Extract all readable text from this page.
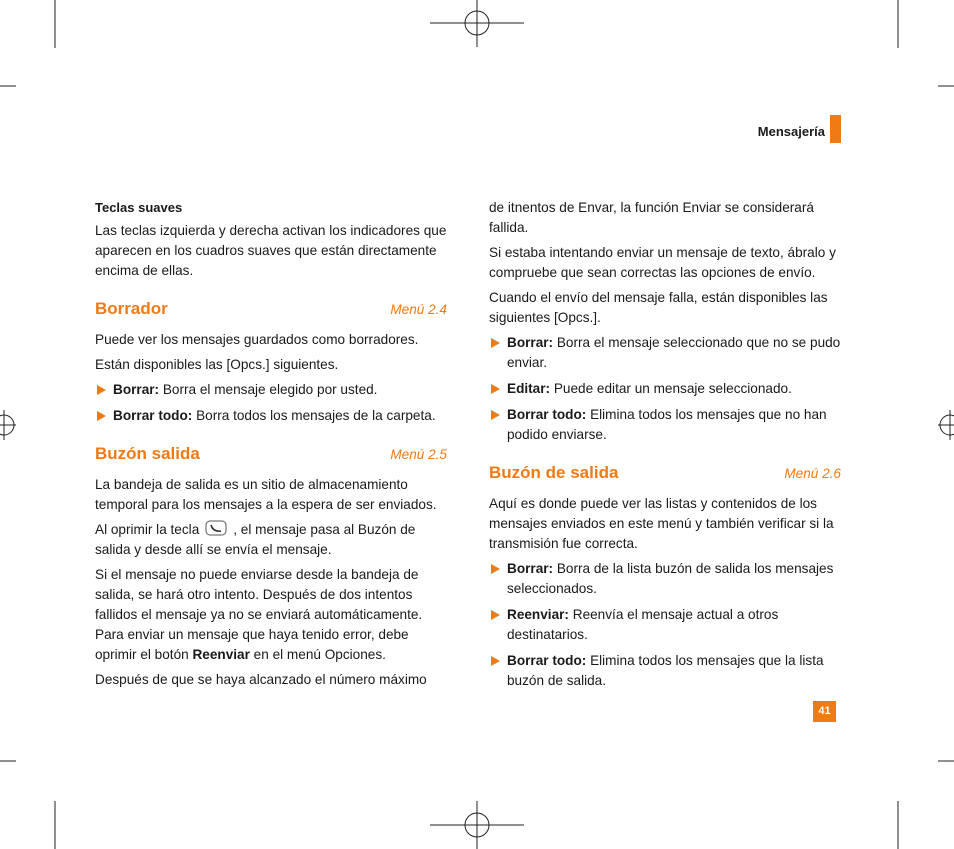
Mensajería
Teclas suaves

Las teclas izquierda y derecha activan los indicadores que aparecen en los cuadros suaves que están directamente encima de ellas.

Borrador	Menú 2.4

Puede ver los mensajes guardados como borradores.

Están disponibles las [Opcs.] siguientes.

Borrar: Borra el mensaje elegido por usted.
Borrar todo: Borra todos los mensajes de la carpeta.
Buzón salida	Menú 2.5

La bandeja de salida es un sitio de almacenamiento temporal para los mensajes a la espera de ser enviados.

Al oprimir la tecla	, el mensaje pasa al Buzón de salida y desde allí se envía el mensaje.

Si el mensaje no puede enviarse desde la bandeja de salida, se hará otro intento. Después de dos intentos fallidos el mensaje ya no se enviará automáticamente. Para enviar un mensaje que haya tenido error, debe oprimir el botón Reenviar en el menú Opciones.

Después de que se haya alcanzado el número máximo

de itnentos de Envar, la función Enviar se considerará fallida.

Si estaba intentando enviar un mensaje de texto, ábralo y compruebe que sean correctas las opciones de envío.

Cuando el envío del mensaje falla, están disponibles las siguientes [Opcs.].

Borrar: Borra el mensaje seleccionado que no se pudo enviar.
Editar: Puede editar un mensaje seleccionado.
Borrar todo: Elimina todos los mensajes que no han podido enviarse.
Buzón de salida	Menú 2.6

Aquí es donde puede ver las listas y contenidos de los mensajes enviados en este menú y también verificar si la transmisión fue correcta.

Borrar: Borra de la lista buzón de salida los mensajes seleccionados.
Reenviar: Reenvía el mensaje actual a otros destinatarios.
Borrar todo: Elimina todos los mensajes que la lista buzón de salida.
41
